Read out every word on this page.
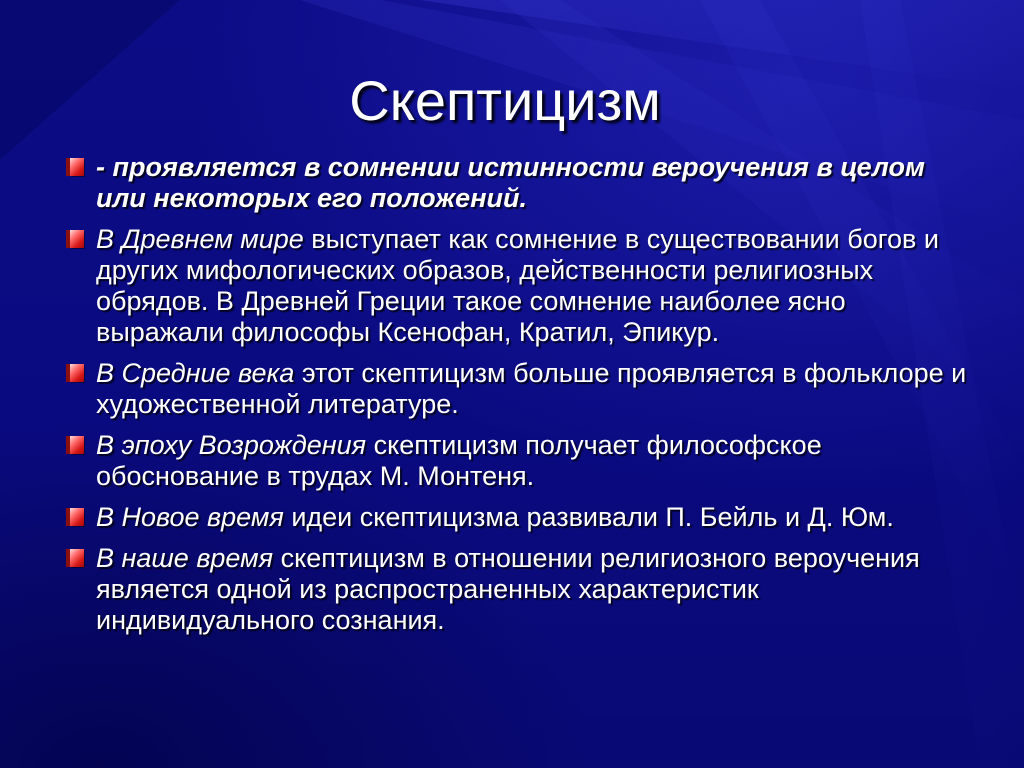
Скептицизм
- проявляется в сомнении истинности вероучения в целом или некоторых его положений.
В Древнем мире выступает как сомнение в существовании богов и других мифологических образов, действенности религиозных обрядов. В Древней Греции такое сомнение наиболее ясно выражали философы Ксенофан, Кратил, Эпикур.
В Средние века этот скептицизм больше проявляется в фольклоре и художественной литературе.
В эпоху Возрождения скептицизм получает философское обоснование в трудах М. Монтеня.
В Новое время идеи скептицизма развивали П. Бейль и Д. Юм.
В наше время скептицизм в отношении религиозного вероучения является одной из распространенных характеристик индивидуального сознания.
